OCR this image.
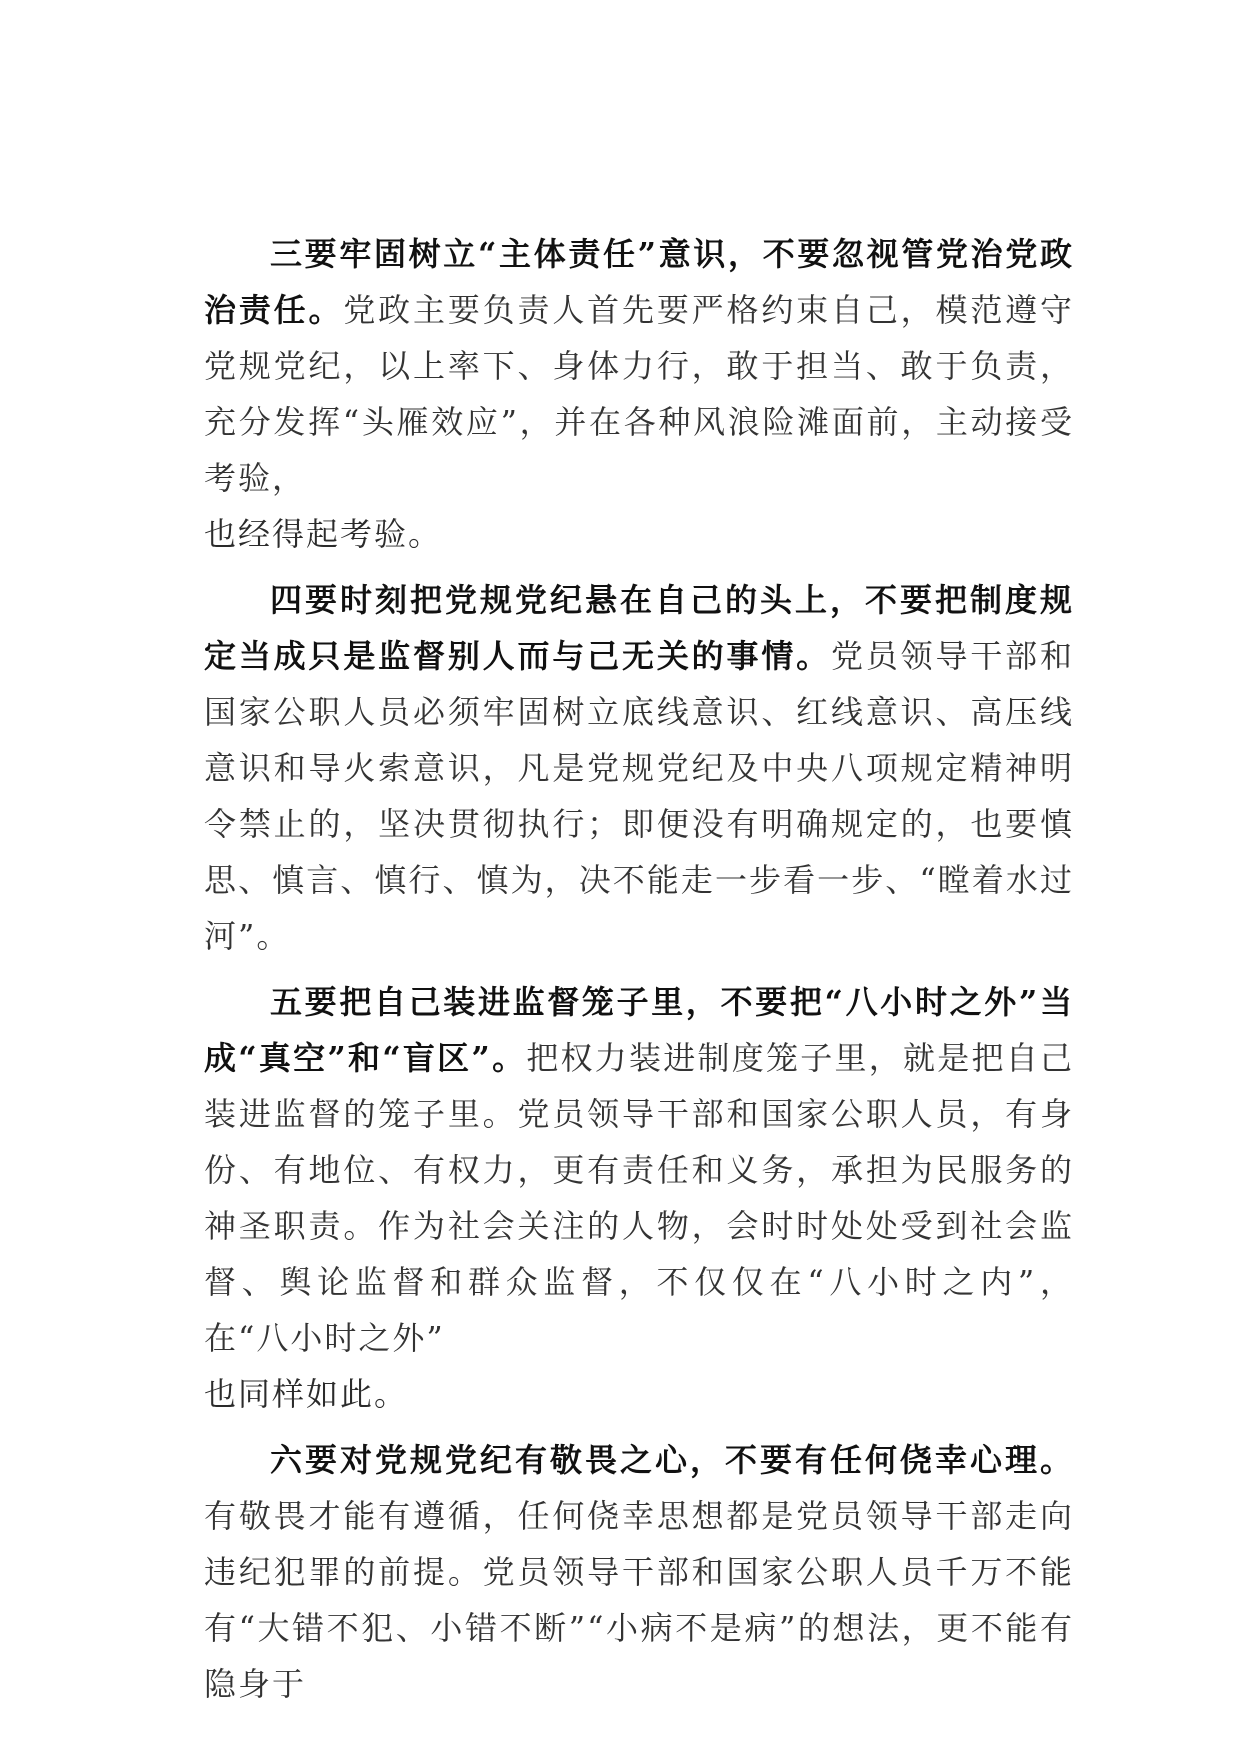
三要牢固树立“主体责任”意识，不要忽视管党治党政治责任。党政主要负责人首先要严格约束自己，模范遵守党规党纪，以上率下、身体力行，敢于担当、敢于负责，充分发挥“头雁效应”，并在各种风浪险滩面前，主动接受考验，

也经得起考验。

四要时刻把党规党纪悬在自己的头上，不要把制度规定当成只是监督别人而与己无关的事情。党员领导干部和国家公职人员必须牢固树立底线意识、红线意识、高压线意识和导火索意识，凡是党规党纪及中央八项规定精神明令禁止的，坚决贯彻执行；即便没有明确规定的，也要慎思、慎言、慎行、慎为，决不能走一步看一步、“瞠着水过河”。

五要把自己装进监督笼子里，不要把“八小时之外”当成“真空”和“盲区”。把权力装进制度笼子里，就是把自己装进监督的笼子里。党员领导干部和国家公职人员，有身份、有地位、有权力，更有责任和义务，承担为民服务的神圣职责。作为社会关注的人物，会时时处处受到社会监督、舆论监督和群众监督，不仅仅在“八小时之内”，在“八小时之外”

也同样如此。

六要对党规党纪有敬畏之心，不要有任何侥幸心理。有敬畏才能有遵循，任何侥幸思想都是党员领导干部走向违纪犯罪的前提。党员领导干部和国家公职人员千万不能有“大错不犯、小错不断”“小病不是病”的想法，更不能有隐身于
